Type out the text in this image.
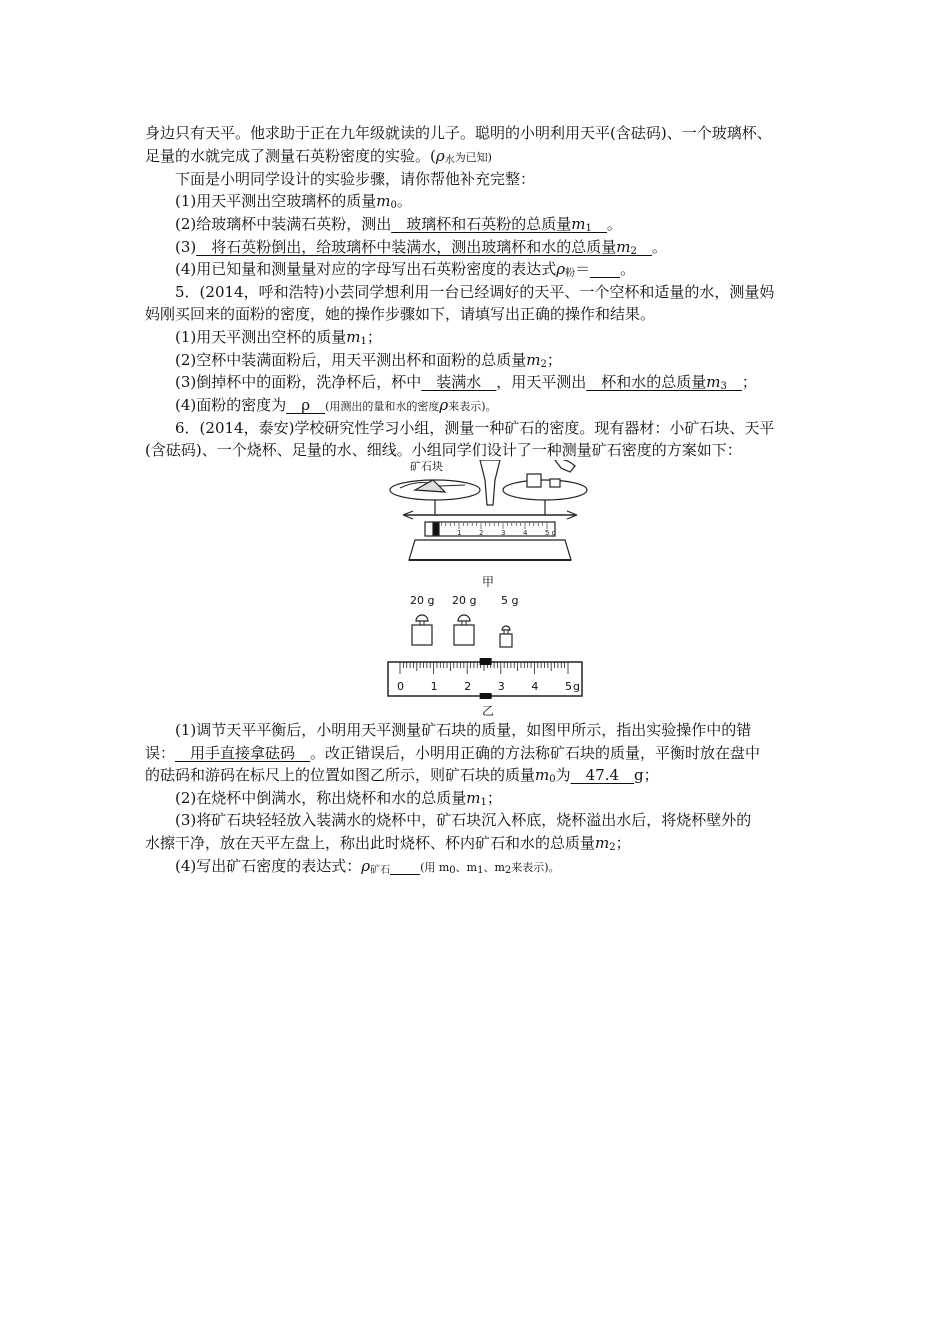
身边只有天平。他求助于正在九年级就读的儿子。聪明的小明利用天平(含砝码)、一个玻璃杯、
足量的水就完成了测量石英粉密度的实验。($\rho_水$为已知)
下面是小明同学设计的实验步骤，请你帮他补充完整：
(1)用天平测出空玻璃杯的质量$m_0$。
(2)给玻璃杯中装满石英粉，测出__玻璃杯和石英粉的总质量$m_1\_\_$。
(3)__将石英粉倒出，给玻璃杯中装满水，测出玻璃杯和水的总质量$m_2\_\_$。
(4)用已知量和测量量对应的字母写出石英粉密度的表达式$\rho_粉=\_\_\_\_$。
5．(2014，呼和浩特)小芸同学想利用一台已经调好的天平、一个空杯和适量的水，测量妈
妈刚买回来的面粉的密度，她的操作步骤如下，请填写出正确的操作和结果。
(1)用天平测出空杯的质量$m_1$；
(2)空杯中装满面粉后，用天平测出杯和面粉的总质量$m_2$；
(3)倒掉杯中的面粉，洗净杯后，杯中__装满水__，用天平测出__杯和水的总质量$m_3\_\_$；
(4)面粉的密度为__ρ__(用测出的量和水的密度ρ来表示)。
6．(2014，泰安)学校研究性学习小组，测量一种矿石的密度。现有器材：小矿石块、天平
(含砝码)、一个烧杯、足量的水、细线。小组同学们设计了一种测量矿石密度的方案如下：
1	2	3	4	5 g
矿石块
甲
20 g 20 g 5 g
0 1 2 3 4 5 g
乙
(1)调节天平平衡后，小明用天平测量矿石块的质量，如图甲所示，指出实验操作中的错
误：__用手直接拿砝码__。改正错误后，小明用正确的方法称矿石块的质量，平衡时放在盘中
的砝码和游码在标尺上的位置如图乙所示，则矿石块的质量$m_0$为__47.4__g；
(2)在烧杯中倒满水，称出烧杯和水的总质量$m_1$；
(3)将矿石块轻轻放入装满水的烧杯中，矿石块沉入杯底，烧杯溢出水后，将烧杯壁外的
水擦干净，放在天平左盘上，称出此时烧杯、杯内矿石和水的总质量$m_2$；
(4)写出矿石密度的表达式：$\rho_{矿石}\_\_\_\_$(用 $m_0$、$m_1$、$m_2$来表示)。
